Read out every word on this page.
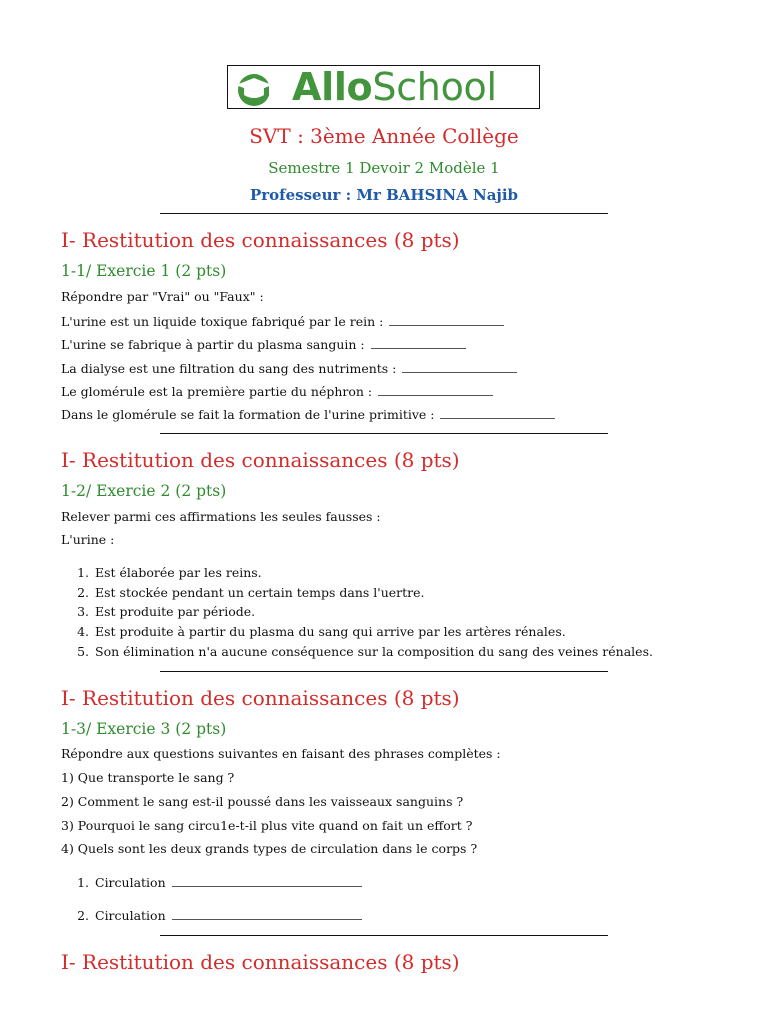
AlloSchool
SVT : 3ème Année Collège
Semestre 1 Devoir 2 Modèle 1
Professeur : Mr BAHSINA Najib
I- Restitution des connaissances (8 pts)
1-1/ Exercie 1 (2 pts)
Répondre par "Vrai" ou "Faux" :
L'urine est un liquide toxique fabriqué par le rein :
L'urine se fabrique à partir du plasma sanguin :
La dialyse est une filtration du sang des nutriments :
Le glomérule est la première partie du néphron :
Dans le glomérule se fait la formation de l'urine primitive :
I- Restitution des connaissances (8 pts)
1-2/ Exercie 2 (2 pts)
Relever parmi ces affirmations les seules fausses :
L'urine :
1. Est élaborée par les reins.
2. Est stockée pendant un certain temps dans l'uertre.
3. Est produite par période.
4. Est produite à partir du plasma du sang qui arrive par les artères rénales.
5. Son élimination n'a aucune conséquence sur la composition du sang des veines rénales.
I- Restitution des connaissances (8 pts)
1-3/ Exercie 3 (2 pts)
Répondre aux questions suivantes en faisant des phrases complètes :
1) Que transporte le sang ?
2) Comment le sang est-il poussé dans les vaisseaux sanguins ?
3) Pourquoi le sang circu1e-t-il plus vite quand on fait un effort ?
4) Quels sont les deux grands types de circulation dans le corps ?
1. Circulation
2. Circulation
I- Restitution des connaissances (8 pts)
